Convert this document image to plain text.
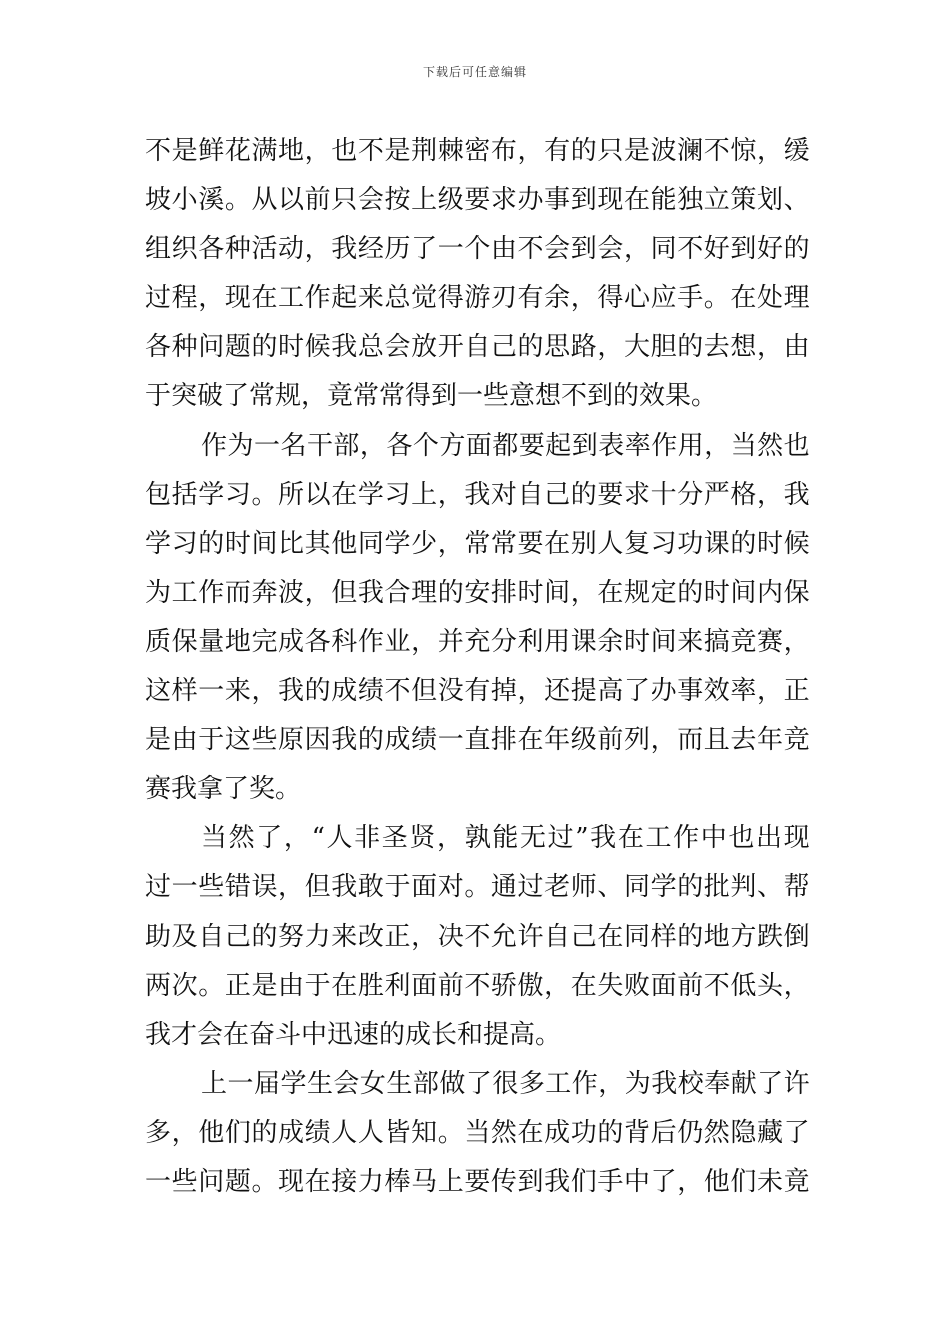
下载后可任意编辑
不 是 鲜 花 满 地 ， 也 不 是 荆 棘 密 布 ， 有 的 只 是 波 澜 不 惊 ， 缓
坡 小 溪 。 从 以 前 只 会 按 上 级 要 求 办 事 到 现 在 能 独 立 策 划 、
组 织 各 种 活 动 ， 我 经 历 了 一 个 由 不 会 到 会 ， 同 不 好 到 好 的
过 程 ， 现 在 工 作 起 来 总 觉 得 游 刃 有 余 ， 得 心 应 手 。 在 处 理
各 种 问 题 的 时 候 我 总 会 放 开 自 己 的 思 路 ， 大 胆 的 去 想 ， 由
于突破了常规，竟常常得到一些意想不到的效果。
作 为 一 名 干 部 ， 各 个 方 面 都 要 起 到 表 率 作 用 ， 当 然 也
包 括 学 习 。 所 以 在 学 习 上 ， 我 对 自 己 的 要 求 十 分 严 格 ， 我
学 习 的 时 间 比 其 他 同 学 少 ， 常 常 要 在 别 人 复 习 功 课 的 时 候
为 工 作 而 奔 波 ， 但 我 合 理 的 安 排 时 间 ， 在 规 定 的 时 间 内 保
质 保 量 地 完 成 各 科 作 业 ， 并 充 分 利 用 课 余 时 间 来 搞 竞 赛 ，
这 样 一 来 ， 我 的 成 绩 不 但 没 有 掉 ， 还 提 高 了 办 事 效 率 ， 正
是 由 于 这 些 原 因 我 的 成 绩 一 直 排 在 年 级 前 列 ， 而 且 去 年 竞
赛我拿了奖。
当 然 了 ， “ 人 非 圣 贤 ， 孰 能 无 过 ” 我 在 工 作 中 也 出 现
过 一 些 错 误 ， 但 我 敢 于 面 对 。 通 过 老 师 、 同 学 的 批 判 、 帮
助 及 自 己 的 努 力 来 改 正 ， 决 不 允 许 自 己 在 同 样 的 地 方 跌 倒
两 次 。 正 是 由 于 在 胜 利 面 前 不 骄 傲 ， 在 失 败 面 前 不 低 头 ，
我才会在奋斗中迅速的成长和提高。
上 一 届 学 生 会 女 生 部 做 了 很 多 工 作 ， 为 我 校 奉 献 了 许
多 ， 他 们 的 成 绩 人 人 皆 知 。 当 然 在 成 功 的 背 后 仍 然 隐 藏 了
一 些 问 题 。 现 在 接 力 棒 马 上 要 传 到 我 们 手 中 了 ， 他 们 未 竟
